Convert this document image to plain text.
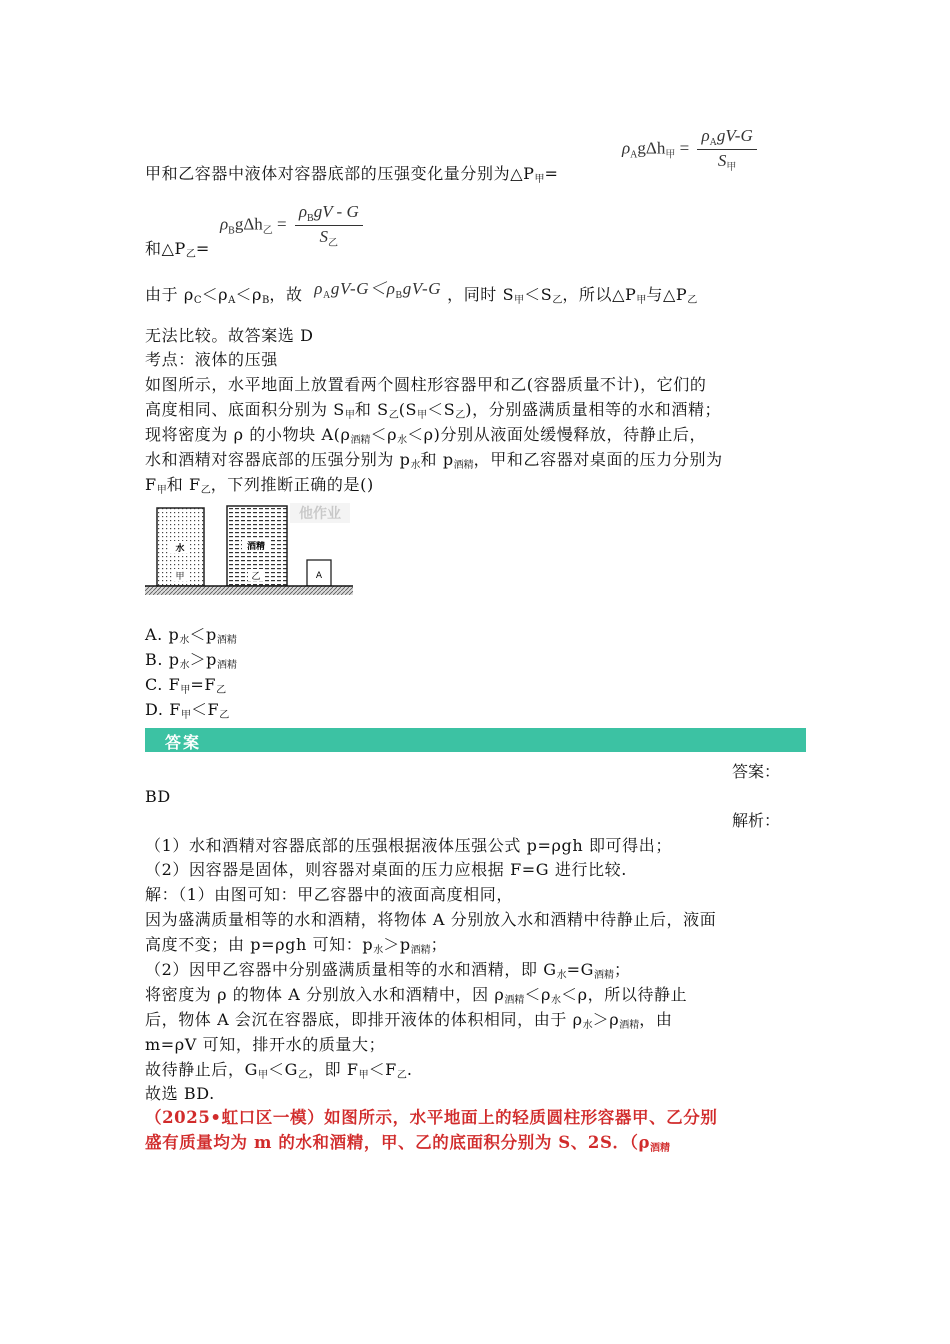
$\rho_Ag\Delta h_甲 = \frac{\rho_AgV-G}{S_甲}$
甲和乙容器中液体对容器底部的压强变化量分别为$\triangle P_甲=$
$\rho_Bg\Delta h_乙 = \frac{\rho_BgV - G}{S_乙}$
和$\triangle P_乙=$
由于 $\rho_C<\rho_A<\rho_B$，故 $\rho_AgV-G<\rho_BgV-G$ ，同时 $S_甲<S_乙$，所以$\triangle P_甲$与$\triangle P_乙$
无法比较。故答案选 D
考点：液体的压强
如图所示，水平地面上放置看两个圆柱形容器甲和乙(容器质量不计)，它们的
高度相同、底面积分别为 $S_甲$和 $S_乙(S_甲<S_乙)$，分别盛满质量相等的水和酒精；
现将密度为 ρ 的小物块 $A(\rho_{酒精}<\rho_水<\rho)$分别从液面处缓慢释放，待静止后，
水和酒精对容器底部的压强分别为 $p_水$和 $p_{酒精}$，甲和乙容器对桌面的压力分别为
$F_甲$和 $F_乙$，下列推断正确的是()
水
甲
酒精
乙	A
他作业
A. $p_水<p_{酒精}$
B. $p_水>p_{酒精}$
C. $F_甲=F_乙$
D. $F_甲<F_乙$
答案
答案：
BD
解析：
（1）水和酒精对容器底部的压强根据液体压强公式 p=ρgh 即可得出；
（2）因容器是固体，则容器对桌面的压力应根据 F=G 进行比较.
解：（1）由图可知：甲乙容器中的液面高度相同，
因为盛满质量相等的水和酒精，将物体 A 分别放入水和酒精中待静止后，液面
高度不变；由 p=ρgh 可知：$p_水>p_{酒精}$；
（2）因甲乙容器中分别盛满质量相等的水和酒精，即 $G_水=G_{酒精}$；
将密度为 ρ 的物体 A 分别放入水和酒精中，因 $\rho_{酒精}<\rho_水<\rho$，所以待静止
后，物体 A 会沉在容器底，即排开液体的体积相同，由于 $\rho_水>\rho_{酒精}$，由
m=ρV 可知，排开水的质量大；
故待静止后，$G_甲<G_乙$，即 $F_甲<F_乙$.
故选 BD.
（2025•虹口区一模）如图所示，水平地面上的轻质圆柱形容器甲、乙分别
盛有质量均为 m 的水和酒精，甲、乙的底面积分别为 S、2S．（$\rho_{酒精}$
